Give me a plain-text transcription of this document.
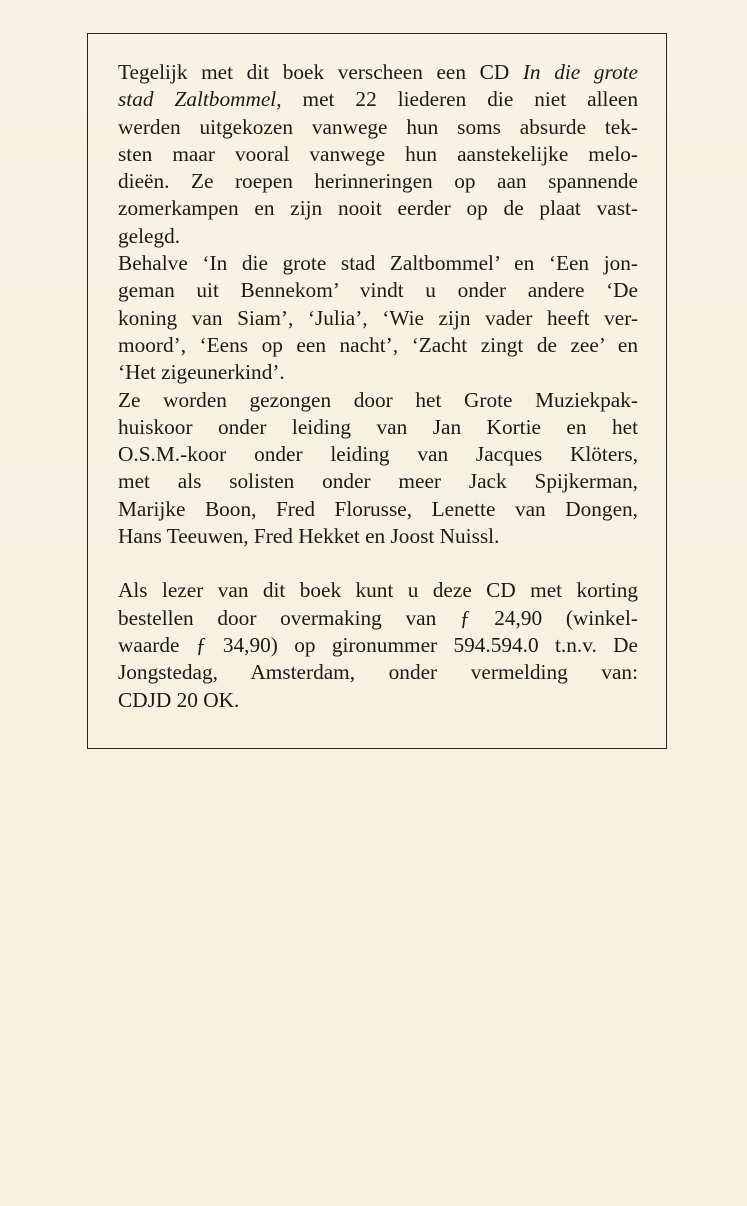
Tegelijk met dit boek verscheen een CD In die grote
stad Zaltbommel, met 22 liederen die niet alleen
werden uitgekozen vanwege hun soms absurde tek-
sten maar vooral vanwege hun aanstekelijke melo-
dieën. Ze roepen herinneringen op aan spannende
zomerkampen en zijn nooit eerder op de plaat vast-
gelegd.

Behalve ‘In die grote stad Zaltbommel’ en ‘Een jon-
geman uit Bennekom’ vindt u onder andere ‘De
koning van Siam’, ‘Julia’, ‘Wie zijn vader heeft ver-
moord’, ‘Eens op een nacht’, ‘Zacht zingt de zee’ en
‘Het zigeunerkind’.

Ze worden gezongen door het Grote Muziekpak-
huiskoor onder leiding van Jan Kortie en het
O.S.M.-koor onder leiding van Jacques Klöters,
met als solisten onder meer Jack Spijkerman,
Marijke Boon, Fred Florusse, Lenette van Dongen,
Hans Teeuwen, Fred Hekket en Joost Nuissl.

Als lezer van dit boek kunt u deze CD met korting
bestellen door overmaking van ƒ 24,90 (winkel-
waarde ƒ 34,90) op gironummer 594.594.0 t.n.v. De
Jongstedag, Amsterdam, onder vermelding van:
CDJD 20 OK.
